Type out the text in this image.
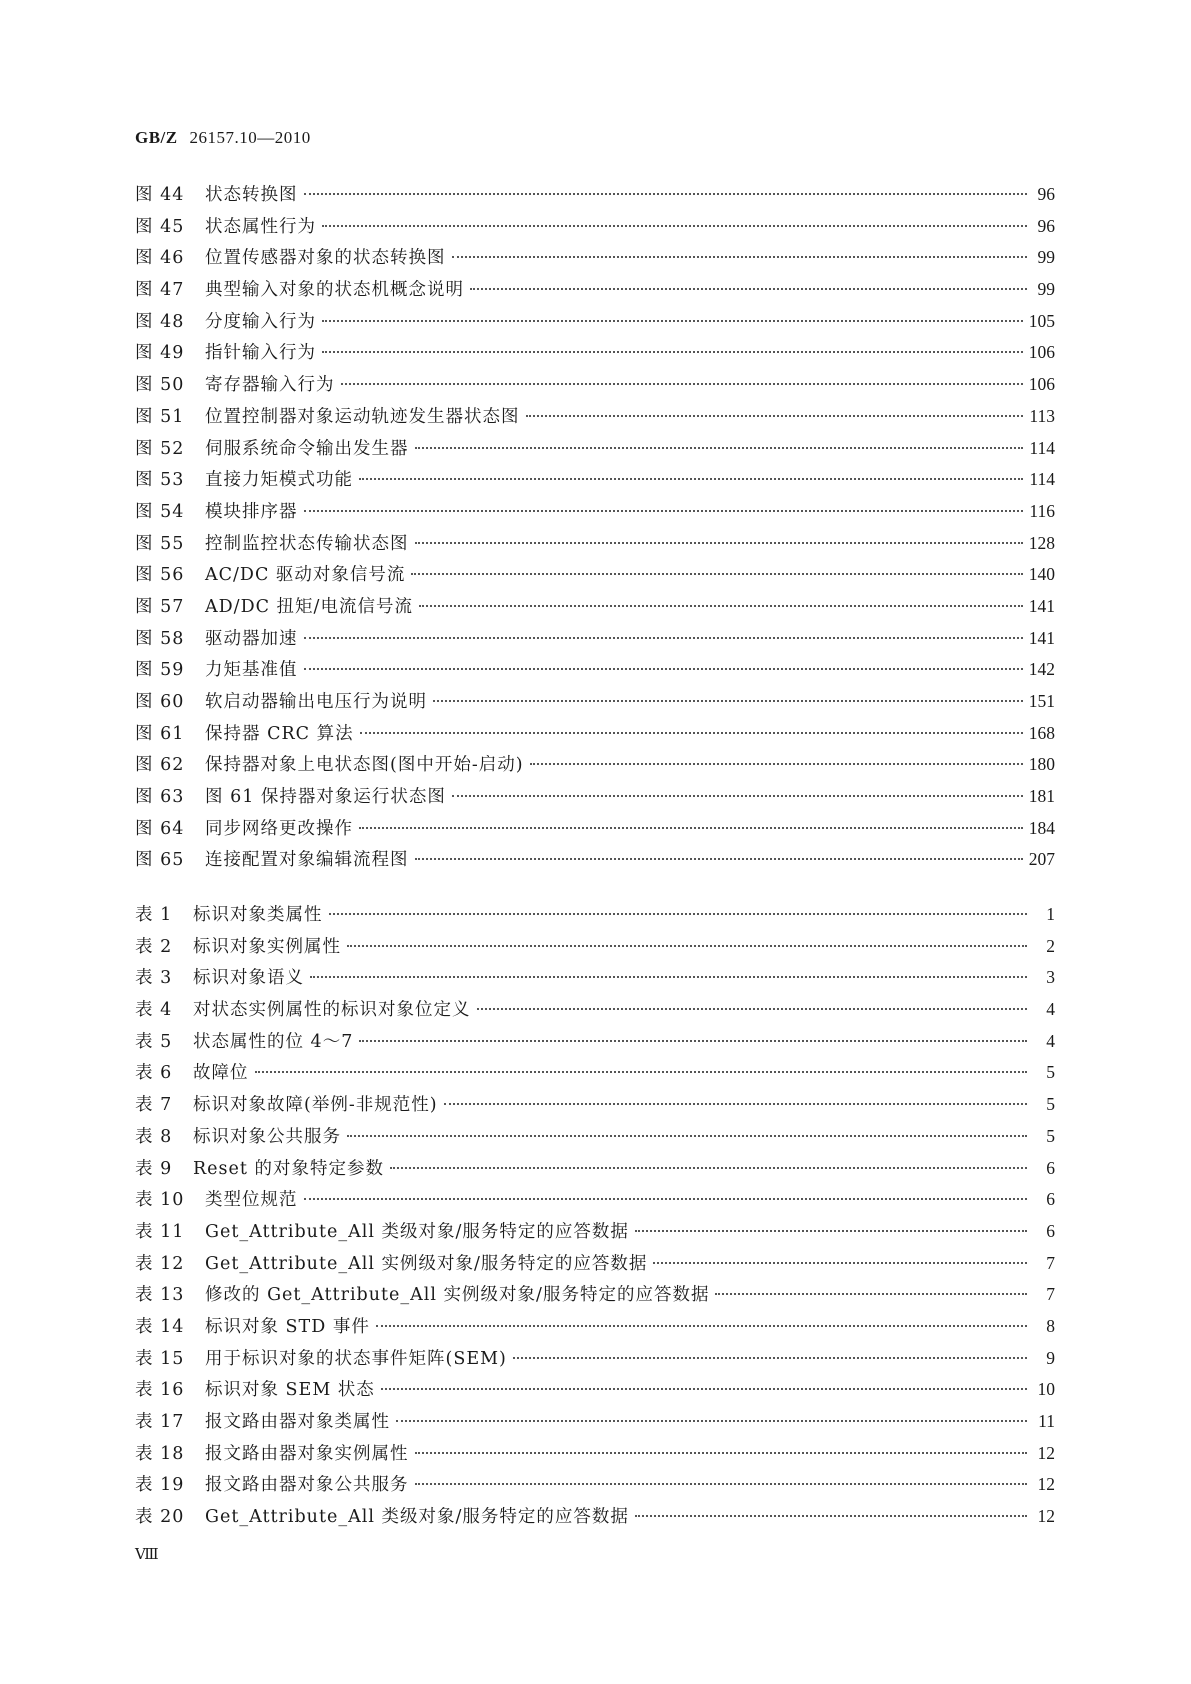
GB/Z 26157.10—2010
图 44	状态转换图	96
图 45	状态属性行为	96
图 46	位置传感器对象的状态转换图	99
图 47	典型输入对象的状态机概念说明	99
图 48	分度输入行为	105
图 49	指针输入行为	106
图 50	寄存器输入行为	106
图 51	位置控制器对象运动轨迹发生器状态图	113
图 52	伺服系统命令输出发生器	114
图 53	直接力矩模式功能	114
图 54	模块排序器	116
图 55	控制监控状态传输状态图	128
图 56	AC/DC 驱动对象信号流	140
图 57	AD/DC 扭矩/电流信号流	141
图 58	驱动器加速	141
图 59	力矩基准值	142
图 60	软启动器输出电压行为说明	151
图 61	保持器 CRC 算法	168
图 62	保持器对象上电状态图(图中开始-启动)	180
图 63	图 61 保持器对象运行状态图	181
图 64	同步网络更改操作	184
图 65	连接配置对象编辑流程图	207
表 1	标识对象类属性	1
表 2	标识对象实例属性	2
表 3	标识对象语义	3
表 4	对状态实例属性的标识对象位定义	4
表 5	状态属性的位 4～7	4
表 6	故障位	5
表 7	标识对象故障(举例-非规范性)	5
表 8	标识对象公共服务	5
表 9	Reset 的对象特定参数	6
表 10	类型位规范	6
表 11	Get_Attribute_All 类级对象/服务特定的应答数据	6
表 12	Get_Attribute_All 实例级对象/服务特定的应答数据	7
表 13	修改的 Get_Attribute_All 实例级对象/服务特定的应答数据	7
表 14	标识对象 STD 事件	8
表 15	用于标识对象的状态事件矩阵(SEM)	9
表 16	标识对象 SEM 状态	10
表 17	报文路由器对象类属性	11
表 18	报文路由器对象实例属性	12
表 19	报文路由器对象公共服务	12
表 20	Get_Attribute_All 类级对象/服务特定的应答数据	12
Ⅷ
